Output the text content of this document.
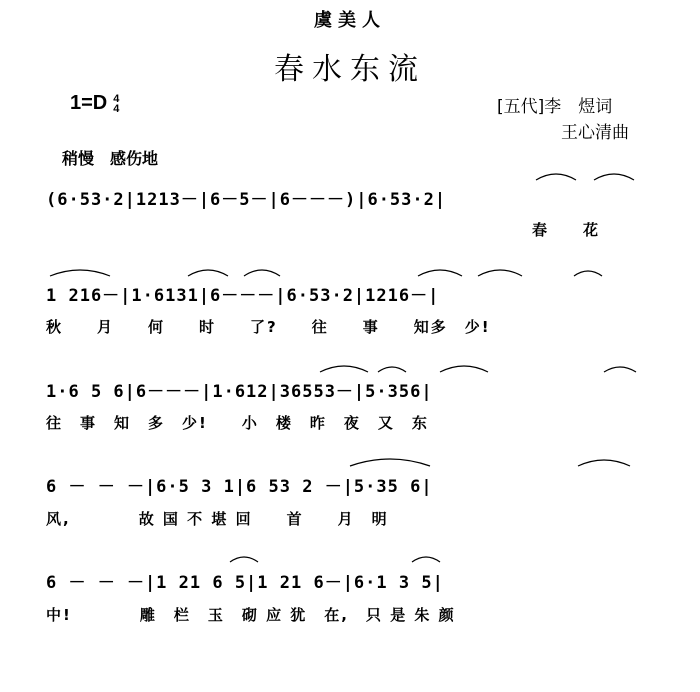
虞美人
春水东流
1=D 4
4	[五代]李　煜词
王心清曲
稍慢　感伤地
(6·53·2|1213－|6－5－|6－－－)|6·53·2|
春　　花
1 216－|1·6131|6－－－|6·53·2|1216－|
秋　　月　　何　　时　　了?　　往　　事　　知多　少!
1·6 5 6|6－－－|1·612|36553－|5·356|
往　事　知　多　少!　　小　楼　昨　夜　又　东
6 － － －|6·5 3 1|6 53 2 －|5·35 6|
风,　　　　故 国 不 堪 回　　首　　月　明
6 － － －|1 21 6 5|1 21 6－|6·1 3 5|
中!　　　　雕　栏　玉　砌 应 犹　在,　只 是 朱 颜
